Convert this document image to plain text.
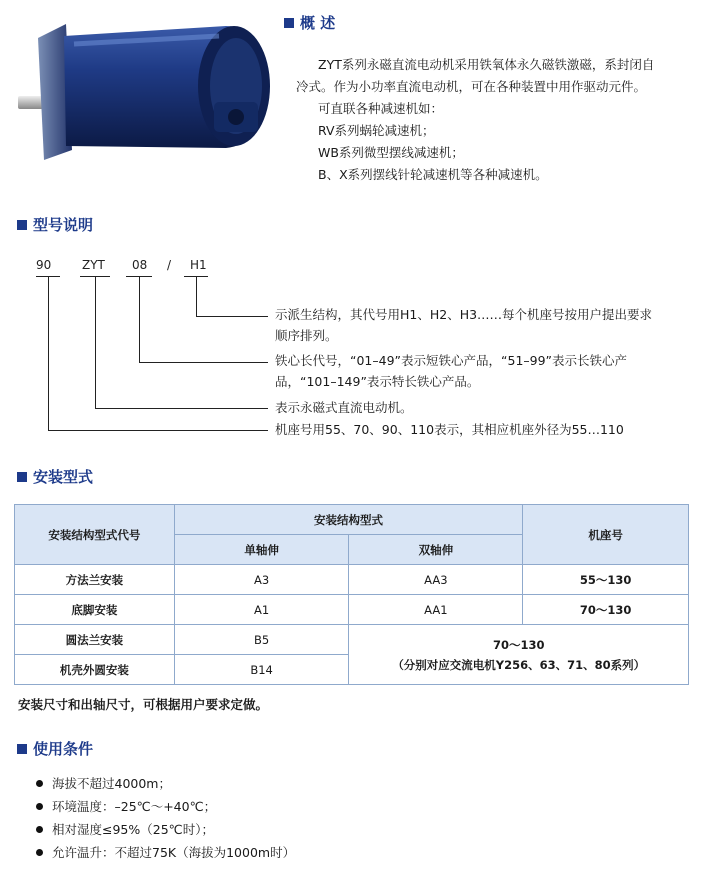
概 述
ZYT系列永磁直流电动机采用铁氧体永久磁铁激磁，系封闭自
冷式。作为小功率直流电动机，可在各种装置中用作驱动元件。
可直联各种减速机如：
RV系列蜗轮减速机；
WB系列微型摆线减速机；
B、X系列摆线针轮减速机等各种减速机。
型号说明
90	ZYT 08 / H1
示派生结构，其代号用H1、H2、H3……每个机座号按用户提出要求
顺序排列。
铁心长代号，“01–49”表示短铁心产品，“51–99”表示长铁心产
品，“101–149”表示特长铁心产品。
表示永磁式直流电动机。
机座号用55、70、90、110表示，其相应机座外径为55…110
安装型式
安装结构型式代号	安装结构型式		机座号
	单轴伸	双轴伸	
方法兰安装	A3	AA3	55～130
底脚安装	A1	AA1	70～130
圆法兰安装	B5	70～130
（分别对应交流电机Y256、63、71、80系列）	

机壳外圆安装	B14		
安装尺寸和出轴尺寸，可根据用户要求定做。
使用条件
海拔不超过4000m；
环境温度：–25℃～+40℃；
相对湿度≤95%（25℃时）；
允许温升：不超过75K（海拔为1000m时）
